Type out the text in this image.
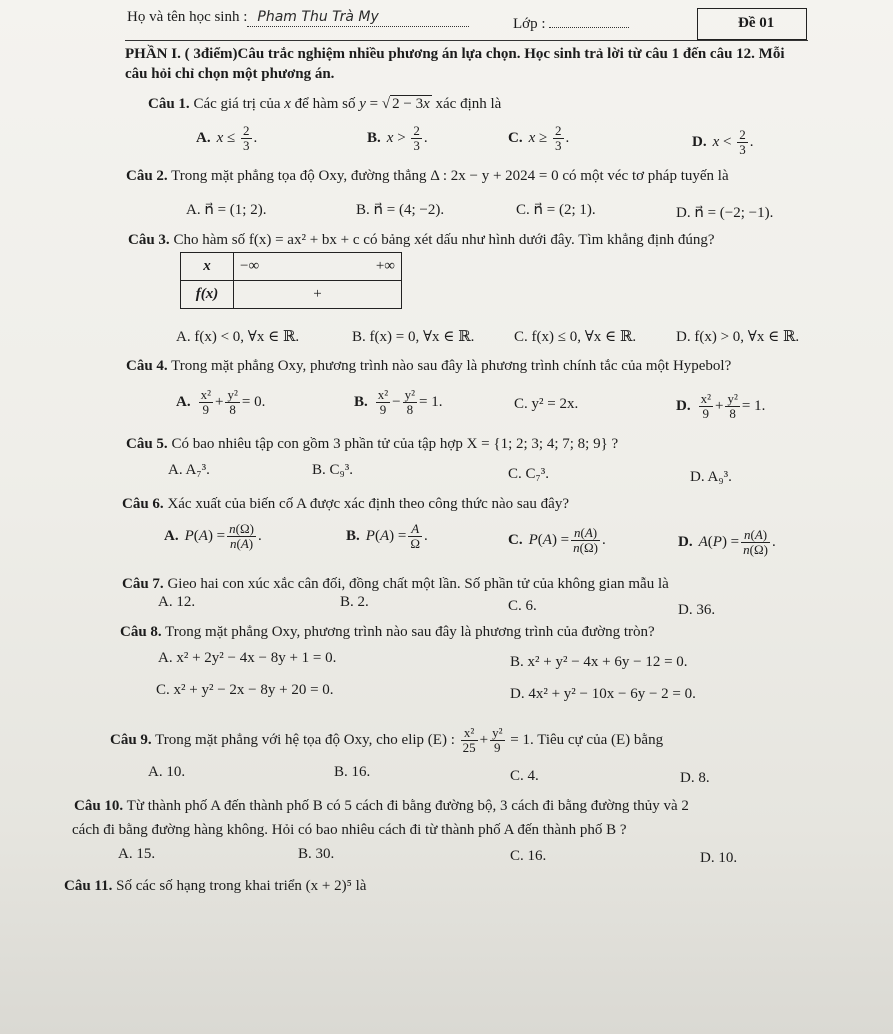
Họ và tên học sinh : Pham Thu Trà My	Lớp :	Đề 01
PHẦN I. ( 3điểm)Câu trắc nghiệm nhiều phương án lựa chọn. Học sinh trả lời từ câu 1 đến câu 12. Mỗi
câu hỏi chỉ chọn một phương án.
Câu 1. Các giá trị của x để hàm số y = √ 2 − 3x xác định là
A. $x \le \frac{2}{3}$ .	B. $x > \frac{2}{3}$ .	C. $x \ge \frac{2}{3}$ .	D. $x < \frac{2}{3}$ .
Câu 2. Trong mặt phẳng tọa độ Oxy, đường thẳng Δ : 2x − y + 2024 = 0 có một véc tơ pháp tuyến là
A. n⃗ = (1; 2).	B. n⃗ = (4; −2).	C. n⃗ = (2; 1).	D. n⃗ = (−2; −1).
Câu 3. Cho hàm số f(x) = ax² + bx + c có bảng xét dấu như hình dưới đây. Tìm khẳng định đúng?
x	−∞ +∞

f(x)	+
A. f(x) < 0, ∀x ∈ ℝ.	B. f(x) = 0, ∀x ∈ ℝ.	C. f(x) ≤ 0, ∀x ∈ ℝ.	D. f(x) > 0, ∀x ∈ ℝ.
Câu 4. Trong mặt phẳng Oxy, phương trình nào sau đây là phương trình chính tắc của một Hypebol?
A. $\frac{\text{x²}}{9} + \frac{\text{y²}}{8} = 0$.	B. $\frac{\text{x²}}{9} - \frac{\text{y²}}{8} = 1$.	C. y² = 2x.	D. $\frac{\text{x²}}{9} + \frac{\text{y²}}{8} = 1$.
Câu 5. Có bao nhiêu tập con gồm 3 phần tử của tập hợp X = {1; 2; 3; 4; 7; 8; 9} ?
A. A₇³.	B. C₉³.	C. C₇³.	D. A₉³.
Câu 6. Xác xuất của biến cố A được xác định theo công thức nào sau đây?
A. $P(A) = \frac{n(\Omega)}{n(A)}$ .	B. $P(A) = \frac{A}{\Omega}$ .	C. $P(A) = \frac{n(A)}{n(\Omega)}$ .	D. $A(P) = \frac{n(A)}{n(\Omega)}$ .
Câu 7. Gieo hai con xúc xắc cân đối, đồng chất một lần. Số phần tử của không gian mẫu là
A. 12.	B. 2.	C. 6.	D. 36.
Câu 8. Trong mặt phẳng Oxy, phương trình nào sau đây là phương trình của đường tròn?
A. x² + 2y² − 4x − 8y + 1 = 0.	B. x² + y² − 4x + 6y − 12 = 0.
C. x² + y² − 2x − 8y + 20 = 0.	D. 4x² + y² − 10x − 6y − 2 = 0.
Câu 9. Trong mặt phẳng với hệ tọa độ Oxy, cho elip (E) : $\frac{\text{x²}}{25} + \frac{\text{y²}}{9} = 1$. Tiêu cự của (E) bằng
A. 10.	B. 16.	C. 4.	D. 8.
Câu 10. Từ thành phố A đến thành phố B có 5 cách đi bằng đường bộ, 3 cách đi bằng đường thủy và 2
cách đi bằng đường hàng không. Hỏi có bao nhiêu cách đi từ thành phố A đến thành phố B ?
A. 15.	B. 30.	C. 16.	D. 10.
Câu 11. Số các số hạng trong khai triển (x + 2)⁵ là
